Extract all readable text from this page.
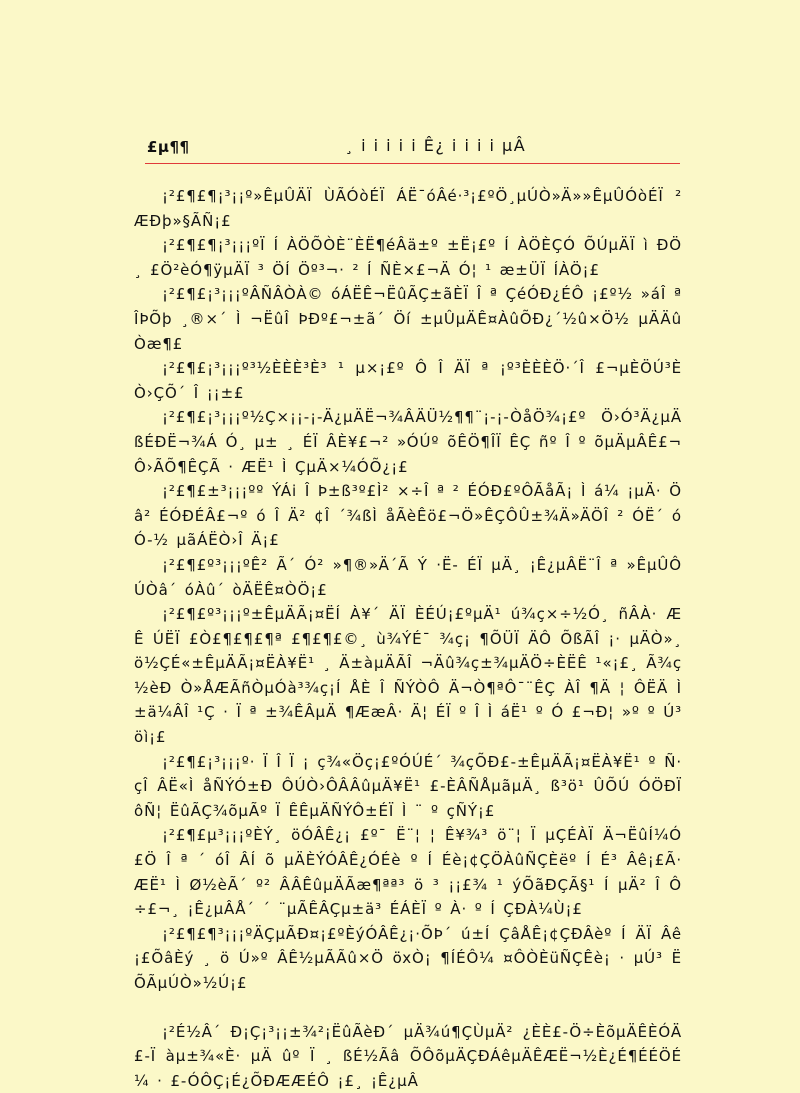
£µ¶¶	¸ i i i i i Ê¿ i i i i µÂ

¡²£¶£¶¡³¡¡º»ÊµÛÄÏ ÙÃÓòÉÏ ÁË¯óÂé·³¡£ºÖ¸µÚÒ»Ä»»ÊµÛÓòÉÏ ²ÆÐþ»§ÃÑ¡£

¡²£¶£¶¡³¡¡¡ºÏ Í ÀÖÕÒÈ¨ÈË¶éÂä±º ±Ë¡£º Í ÀÖÈÇÓ ÕÚµÄÏ ì ÐÖ¸ £Ö²èÓ¶ÿµÄÏ ³ ÖÍ Öº³¬· ² Í ÑÈ×£¬Ä Ó¦ ¹ æ±ÜÏ ÍÀÖ¡£

¡²£¶£¡³¡¡¡ºÂÑÂÒÀ© óÁËÊ¬ËûÃÇ±ãÈÏ Î ª ÇéÓÐ¿ÉÔ ¡£º½ »áÎ ª ÎÞÕþ ¸®×´ Ì ¬ËûÎ ÞÐº£¬±ã´ Öí ±µÛµÄÊ¤ÀûÕÐ¿´½û×Ö½ µÄÄûÒæ¶£

¡²£¶£¡³¡¡¡º³½ÈÈÈ³È³ ¹ µ×¡£º Ô Î ÄÏ ª ¡º³ÈÈÈÖ·´Î £¬µÈÖÚ³ÈÒ›ÇÕ´ Î ¡¡±£

¡²£¶£¡³¡¡¡º½Ç×¡¡-¡-Ä¿µÄË¬¾ÂÄÜ½¶¶¨¡-¡-ÒåÖ¾¡£º Ö›Ó³Ä¿µÄ ßÉÐË¬¾Á Ó¸ µ± ¸ ÉÏ ÂÈ¥£¬² »ÓÚº õÊÖ¶ÎÏ ÊÇ ñº Î º õµÄµÂÊ£¬Ô›ÃÕ¶ÊÇÃ · ÆË¹ Ì ÇµÄ×¼ÓÕ¿¡£

¡²£¶£±³¡¡¡ºº ÝÁi Î Þ±ß³º£Ì² ×÷Î ª ² ÉÓÐ£ºÔÃåÃ¡ Ì á¼ ¡µÄ· Ö â² ÉÓÐÉÂ£¬º ó Î Ä² ¢Î ´¾ßÌ åÃèÊö£¬Ö»ÊÇÔÛ±¾Ä»ÄÖÎ ² ÓË´ óÓ-½ µãÁËÒ›Î Ä¡£

¡²£¶£º³¡¡¡ºÊ² Ã´ Ó² »¶®»Ä´Ã Ý ·Ë- ÉÏ µÄ¸ ¡Ê¿µÂË¨Î ª »ÊµÛÔÚÒâ´ óÀû´ òÄËÊ¤ÒÖ¡£

¡²£¶£º³¡¡¡º±ÊµÄÃ¡¤ËÍ À¥´ ÄÏ ÈÉÚ¡£ºµÄ¹ ú¾ç×÷½Ó¸ ñÂÀ· ÆÊ ÚËÏ £Ò£¶£¶£¶ª £¶£¶£©¸ ù¾ÝÉ¯ ¾ç¡ ¶ÕÜÏ ÄÔ ÕßÃÎ ¡· µÄÒ»¸ ö½ÇÉ«±ÊµÄÃ¡¤ËÀ¥Ë¹ ¸ Ä±àµÄÃÎ ¬Äû¾ç±¾µÄÖ÷ÈËÊ ¹«¡£¸ Ã¾ç½èÐ Ò»ÅÆÃñÒµÓà³¾ç¡Í ÅÈ Î ÑÝÒÔ Ä¬Ò¶ªÔ¯¨ÊÇ ÀÎ ¶Ä ¦ ÔËÄ Ì ±ä¼ÂÎ ¹Ç · Ï ª ±¾ÊÂµÄ ¶ÆæÂ· Ä¦ ÉÏ º Î Ì áË¹ º Ó £¬Ð¦ »º º Ú³ öì¡£

¡²£¶£¡³¡¡¡º· Ï Î Ï ¡ ç¾«Öç¡£ºÓÚÉ´ ¾çÕÐ£-±ÊµÄÃ¡¤ËÀ¥Ë¹ º Ñ·çÎ ÂË«Ì åÑÝÓ±Ð ÔÚÒ›ÔÂÂûµÄ¥Ë¹ £-ÈÂÑÅµãµÄ¸ ß³ö¹ ÛÕÚ ÓÖÐÏ ôÑ¦ ËûÃÇ¾õµÃº Ï ÊÊµÄÑÝÔ±ÉÏ Ì ¨ º çÑÝ¡£

¡²£¶£µ³¡¡¡ºÈÝ¸ öÓÂÊ¿¡ £º¯ Ë¨¦ ¦ Ê¥¾³ ö¨¦ Ï µÇÉÀÏ Ä¬ËûÍ¼Ó £Ö Î ª ´ óÎ ÂÍ õ µÄÈÝÓÂÊ¿ÓÉè º Í Éè¡¢ÇÖÀûÑÇÈëº Í É³ Âê¡£Ã· ÆË¹ Ì Ø½èÃ´ º² ÂÂÊûµÄÃæ¶ªª³ ö ³ ¡¡£¾ ¹ ýÕãÐÇÃ§¹ Í µÄ² Î Ô÷£¬¸ ¡Ê¿µÂÅ´ ´ ¨µÃÊÂÇµ±ä³ ÉÁÈÏ º À· º Í ÇÐÀ¼Ù¡£

¡²£¶£¶³¡¡¡ºÄÇµÃÐ¤¡£ºÈýÓÂÊ¿¡·ÕÞ´ ú±Í ÇâÅÊ¡¢ÇÐÂèº Í ÄÏ Âê¡£ÕâÈý ¸ ö Ú»º ÂÊ½µÃÃû×Ö öxÒ¡ ¶ÍÉÔ¼ ¤ÔÒÈüÑÇÊè¡ · µÚ³ ËÕÃµÚÒ»½Ú¡£

¡²É½Â´ Ð¡Ç¡³¡¡±¾²¡ËûÃèÐ´ µÄ¾ú¶ÇÙµÄ² ¿ÈÈ£-Ö÷ÈõµÄÊÈÓÄ£-Ï àµ±¾«È· µÄ ûº Ï ¸ ßÉ½Ãâ ÕÔõµÄÇÐÁêµÄÊÆË¬½È¿É¶ÉÉÖÉ¼ · £-ÓÔÇ¡É¿ÕÐÆÆÉÔ ¡£¸ ¡Ê¿µÂ
